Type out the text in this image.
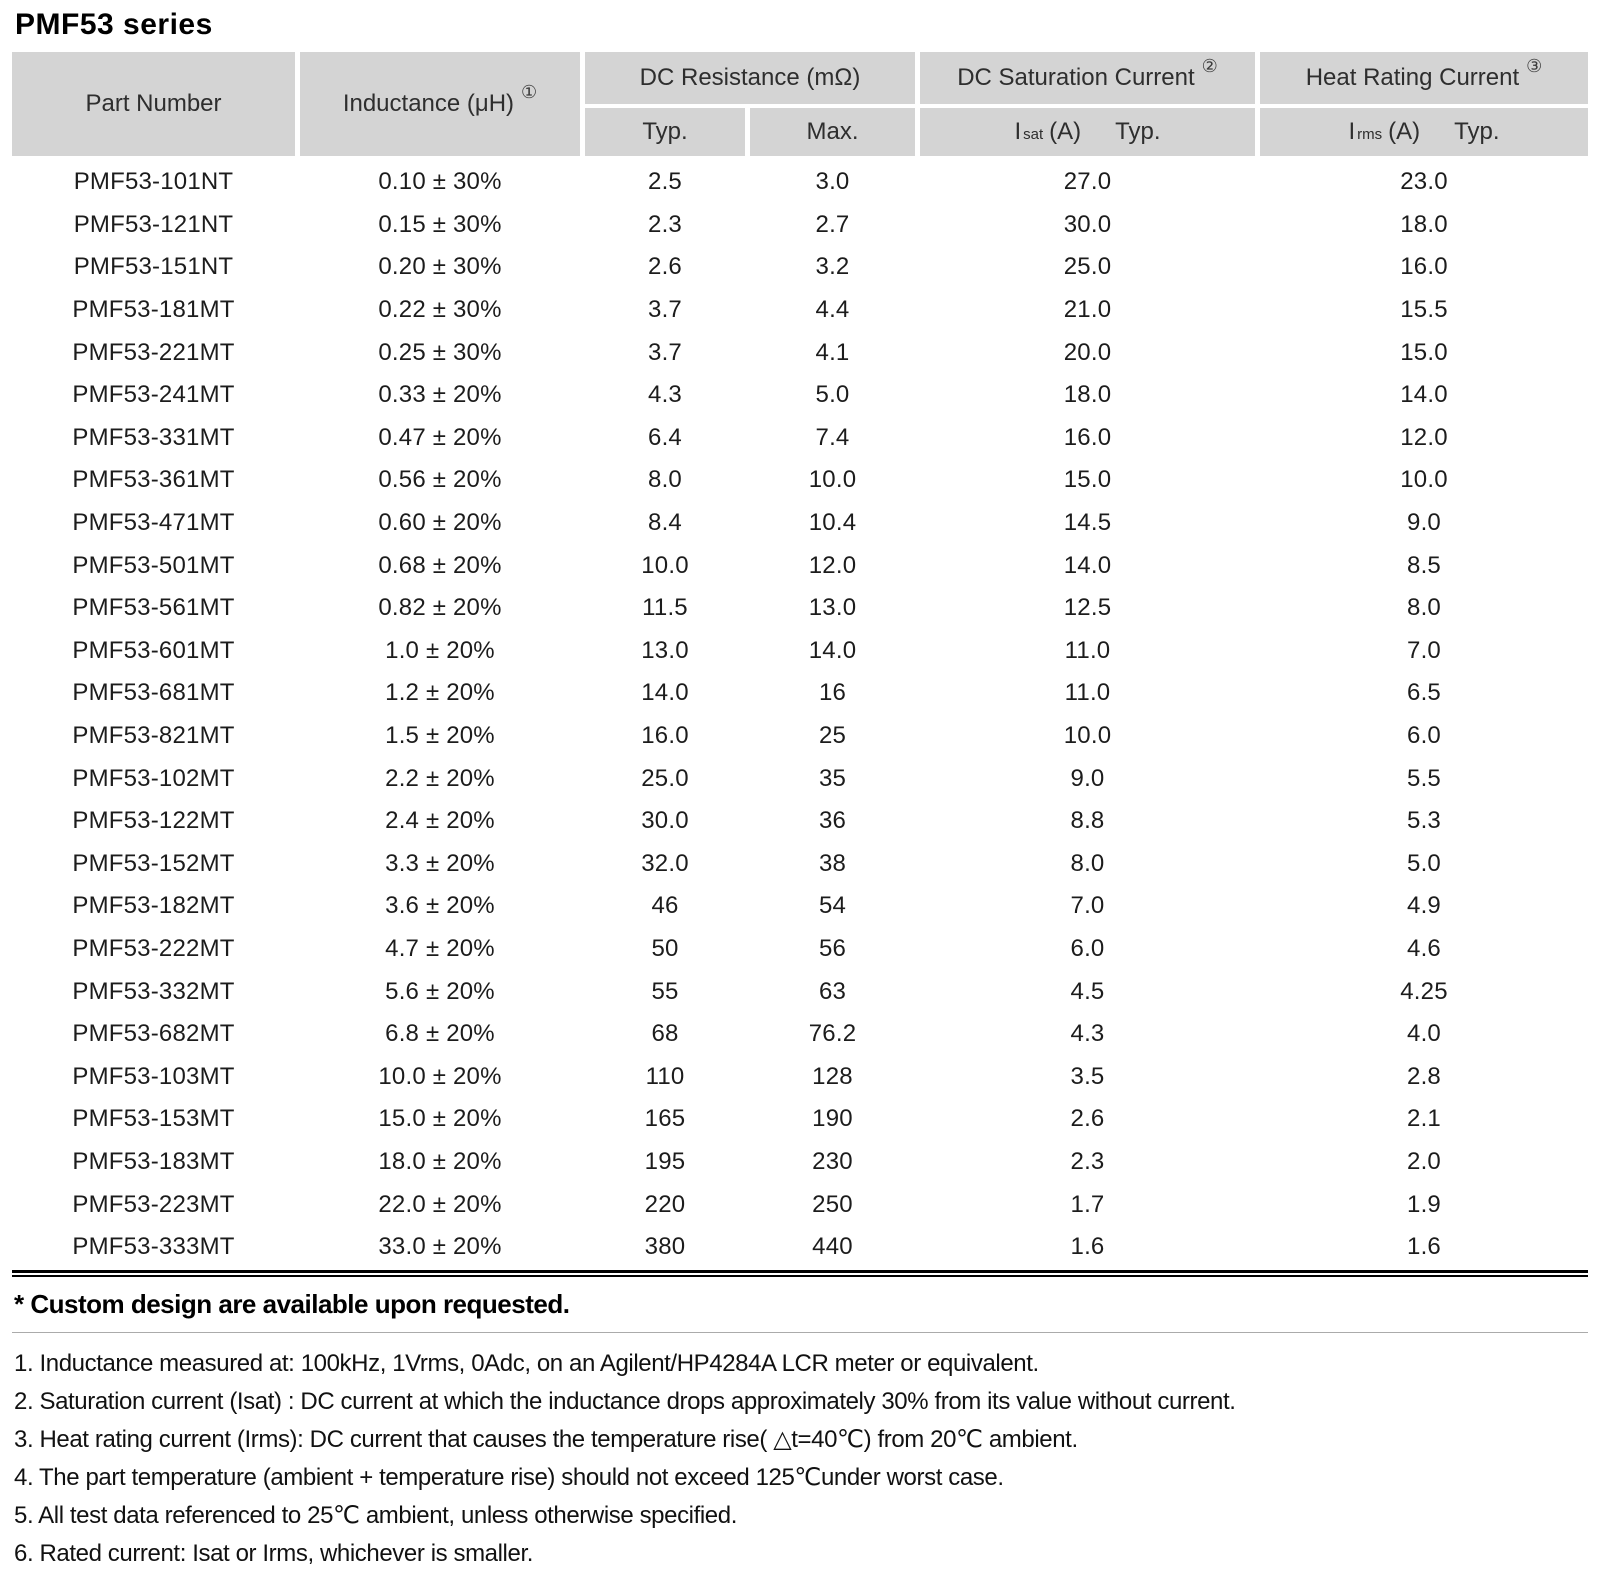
PMF53 series
Part Number	Inductance (μH) ①
DC Resistance (mΩ)	DC Saturation Current ②	Heat Rating Current ③
Typ.	Max.	$I_{sat}$ (A) Typ.	$I_{rms}$ (A) Typ.
PMF53-101NT	0.10 ± 30%	2.5	3.0	27.0	23.0
PMF53-121NT	0.15 ± 30%	2.3	2.7	30.0	18.0
PMF53-151NT	0.20 ± 30%	2.6	3.2	25.0	16.0
PMF53-181MT	0.22 ± 30%	3.7	4.4	21.0	15.5
PMF53-221MT	0.25 ± 30%	3.7	4.1	20.0	15.0
PMF53-241MT	0.33 ± 20%	4.3	5.0	18.0	14.0
PMF53-331MT	0.47 ± 20%	6.4	7.4	16.0	12.0
PMF53-361MT	0.56 ± 20%	8.0	10.0	15.0	10.0
PMF53-471MT	0.60 ± 20%	8.4	10.4	14.5	9.0
PMF53-501MT	0.68 ± 20%	10.0	12.0	14.0	8.5
PMF53-561MT	0.82 ± 20%	11.5	13.0	12.5	8.0
PMF53-601MT	1.0 ± 20%	13.0	14.0	11.0	7.0
PMF53-681MT	1.2 ± 20%	14.0	16	11.0	6.5
PMF53-821MT	1.5 ± 20%	16.0	25	10.0	6.0
PMF53-102MT	2.2 ± 20%	25.0	35	9.0	5.5
PMF53-122MT	2.4 ± 20%	30.0	36	8.8	5.3
PMF53-152MT	3.3 ± 20%	32.0	38	8.0	5.0
PMF53-182MT	3.6 ± 20%	46	54	7.0	4.9
PMF53-222MT	4.7 ± 20%	50	56	6.0	4.6
PMF53-332MT	5.6 ± 20%	55	63	4.5	4.25
PMF53-682MT	6.8 ± 20%	68	76.2	4.3	4.0
PMF53-103MT	10.0 ± 20%	110	128	3.5	2.8
PMF53-153MT	15.0 ± 20%	165	190	2.6	2.1
PMF53-183MT	18.0 ± 20%	195	230	2.3	2.0
PMF53-223MT	22.0 ± 20%	220	250	1.7	1.9
PMF53-333MT	33.0 ± 20%	380	440	1.6	1.6
* Custom design are available upon requested.

1. Inductance measured at: 100kHz, 1Vrms, 0Adc, on an Agilent/HP4284A LCR meter or equivalent.

2. Saturation current (Isat) : DC current at which the inductance drops approximately 30% from its value without current.

3. Heat rating current (Irms): DC current that causes the temperature rise( △t=40℃) from 20℃ ambient.

4. The part temperature (ambient + temperature rise) should not exceed 125℃under worst case.

5. All test data referenced to 25℃ ambient, unless otherwise specified.

6. Rated current: Isat or Irms, whichever is smaller.
